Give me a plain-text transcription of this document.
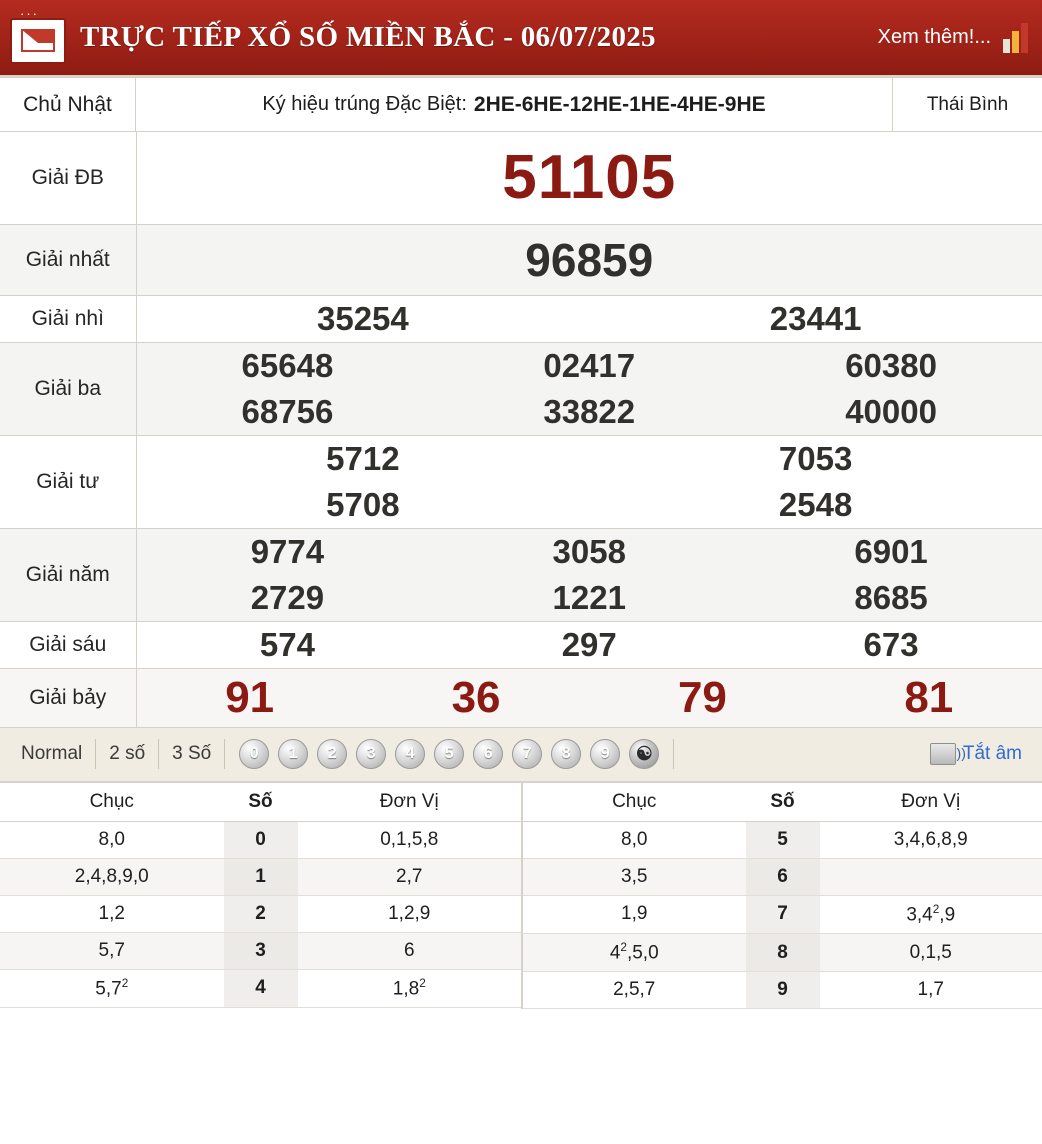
···
TRỰC TIẾP XỔ SỐ MIỀN BẮC - 06/07/2025	Xem thêm!...
Chủ Nhật	Ký hiệu trúng Đặc Biệt: 2HE-6HE-12HE-1HE-4HE-9HE	Thái Bình
Giải ĐB	51105

Giải nhất	96859

Giải nhì	35254 23441

Giải ba	
65648	02417	60380
68756	33822	40000

Giải tư	5712 7053
5708 2548

Giải năm	
9774	3058	6901
2729	1221	8685

Giải sáu	574 297 673

Giải bảy	91 36 79 81
Normal	2 số	3 Số	0	1	2	3	4	5	6	7	8	9	☯ ))	Tắt âm
Chục	Số	Đơn Vị
8,0	0	0,1,5,8
2,4,8,9,0	1	2,7
1,2	2	1,2,9
5,7	3	6
$5,7^2$	4	$1,8^2$
Chục	Số	Đơn Vị
8,0	5	3,4,6,8,9
3,5	6	
1,9	7	$3,4^2,9$
$4^2,5,0$	8	0,1,5
2,5,7	9	1,7
